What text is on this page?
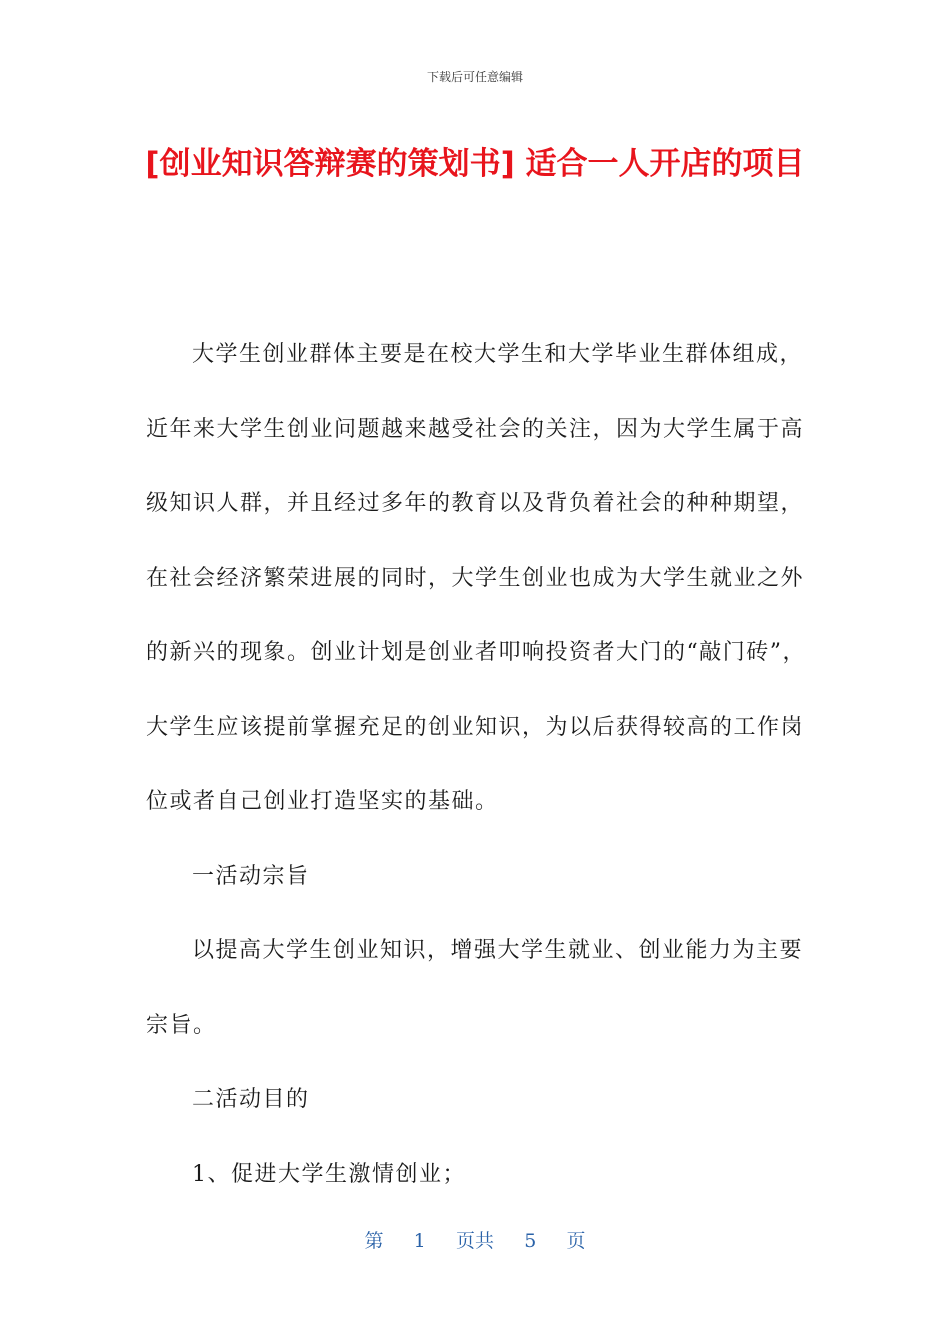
下载后可任意编辑
[创业知识答辩赛的策划书] 适合一人开店的项目

大学生创业群体主要是在校大学生和大学毕业生群体组成，近年来大学生创业问题越来越受社会的关注，因为大学生属于高级知识人群，并且经过多年的教育以及背负着社会的种种期望，在社会经济繁荣进展的同时，大学生创业也成为大学生就业之外的新兴的现象。创业计划是创业者叩响投资者大门的“敲门砖”，大学生应该提前掌握充足的创业知识，为以后获得较高的工作岗位或者自己创业打造坚实的基础。

一活动宗旨

以提高大学生创业知识，增强大学生就业、创业能力为主要宗旨。

二活动目的

1、促进大学生激情创业；

第 1 页共 5 页
